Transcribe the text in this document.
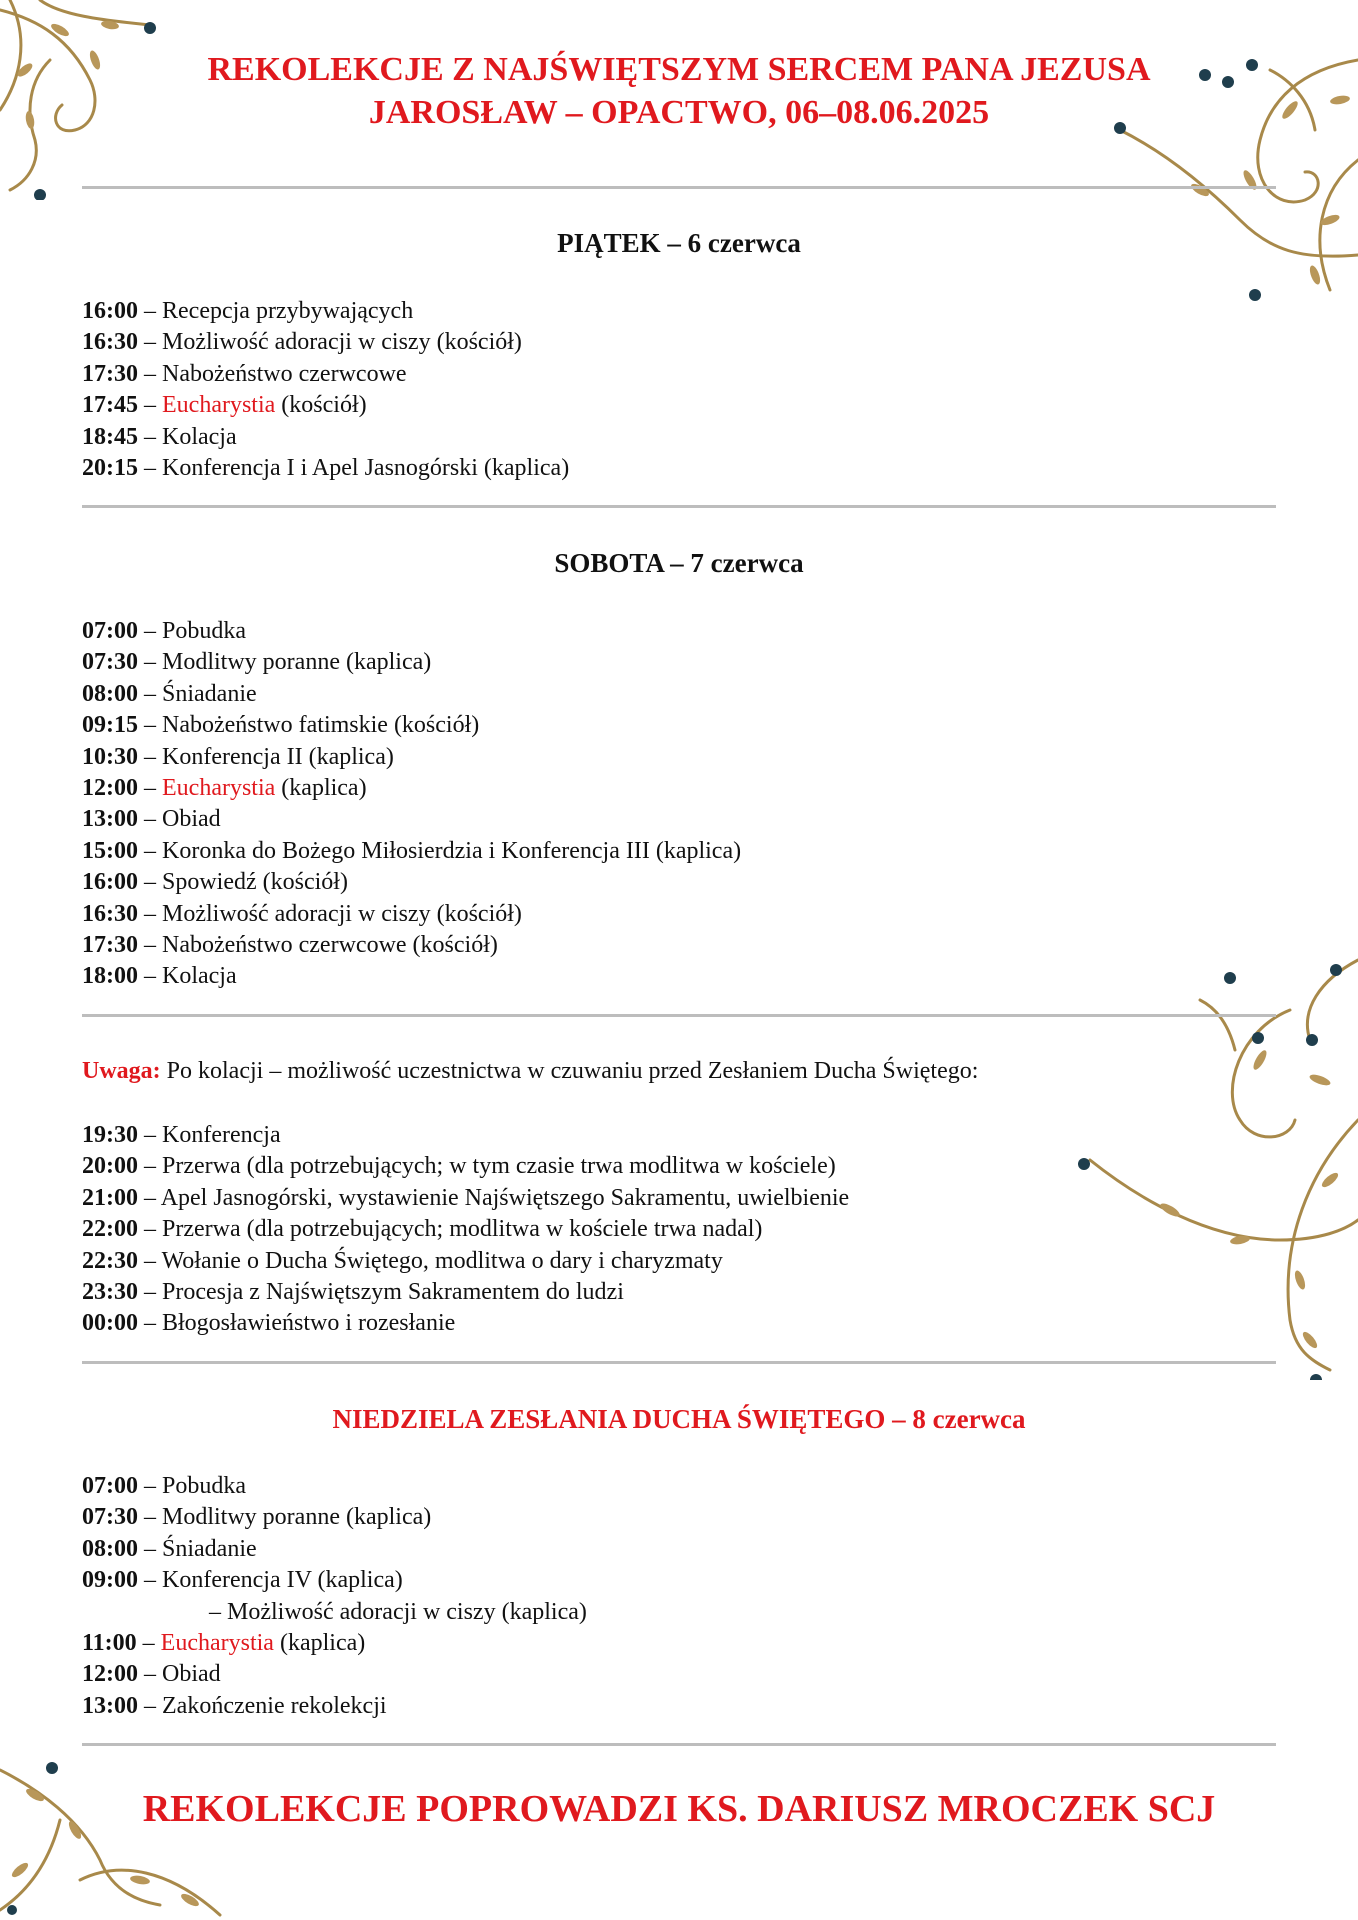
REKOLEKCJE Z NAJŚWIĘTSZYM SERCEM PANA JEZUSA
JAROSŁAW – OPACTWO, 06–08.06.2025
PIĄTEK – 6 czerwca
16:00 – Recepcja przybywających
16:30 – Możliwość adoracji w ciszy (kościół)
17:30 – Nabożeństwo czerwcowe
17:45 – Eucharystia (kościół)
18:45 – Kolacja
20:15 – Konferencja I i Apel Jasnogórski (kaplica)
SOBOTA – 7 czerwca
07:00 – Pobudka
07:30 – Modlitwy poranne (kaplica)
08:00 – Śniadanie
09:15 – Nabożeństwo fatimskie (kościół)
10:30 – Konferencja II (kaplica)
12:00 – Eucharystia (kaplica)
13:00 – Obiad
15:00 – Koronka do Bożego Miłosierdzia i Konferencja III (kaplica)
16:00 – Spowiedź (kościół)
16:30 – Możliwość adoracji w ciszy (kościół)
17:30 – Nabożeństwo czerwcowe (kościół)
18:00 – Kolacja
Uwaga: Po kolacji – możliwość uczestnictwa w czuwaniu przed Zesłaniem Ducha Świętego:
19:30 – Konferencja
20:00 – Przerwa (dla potrzebujących; w tym czasie trwa modlitwa w kościele)
21:00 – Apel Jasnogórski, wystawienie Najświętszego Sakramentu, uwielbienie
22:00 – Przerwa (dla potrzebujących; modlitwa w kościele trwa nadal)
22:30 – Wołanie o Ducha Świętego, modlitwa o dary i charyzmaty
23:30 – Procesja z Najświętszym Sakramentem do ludzi
00:00 – Błogosławieństwo i rozesłanie
NIEDZIELA ZESŁANIA DUCHA ŚWIĘTEGO – 8 czerwca
07:00 – Pobudka
07:30 – Modlitwy poranne (kaplica)
08:00 – Śniadanie
09:00 – Konferencja IV (kaplica)
– Możliwość adoracji w ciszy (kaplica)
11:00 – Eucharystia (kaplica)
12:00 – Obiad
13:00 – Zakończenie rekolekcji
REKOLEKCJE POPROWADZI KS. DARIUSZ MROCZEK SCJ
